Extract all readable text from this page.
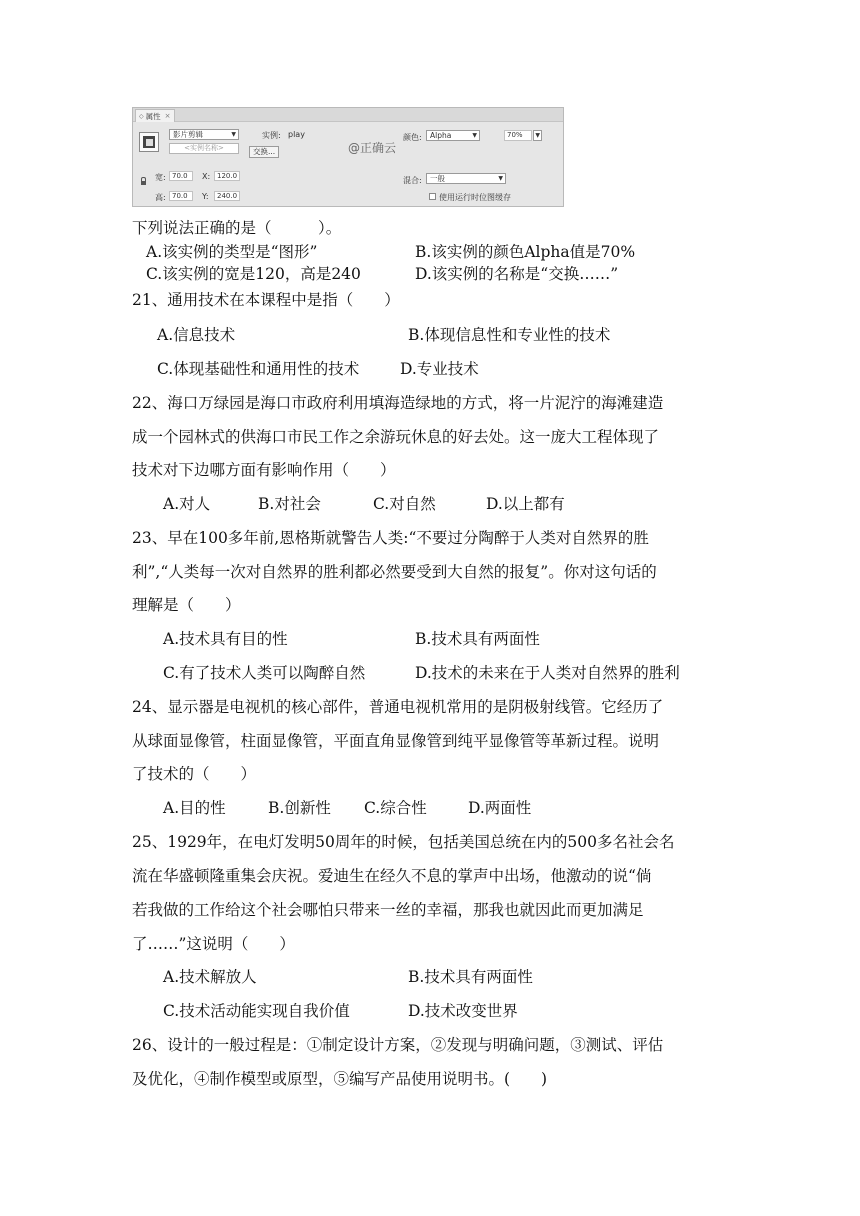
◇ 属性 ×
影片剪辑	▼
<实例名称>
实例: play
交换...	@正确云
颜色:	Alpha	▼	70%	▼
混合:	一般	▼
使用运行时位图缓存
宽: 70.0	X: 120.0
高: 70.0	Y:	240.0
下列说法正确的是（　　　）。
A.该实例的类型是“图形”	B.该实例的颜色Alpha值是70%
C.该实例的宽是120，高是240	D.该实例的名称是“交换……”
21、通用技术在本课程中是指（　　）
A.信息技术	B.体现信息性和专业性的技术
C.体现基础性和通用性的技术	D.专业技术
22、海口万绿园是海口市政府利用填海造绿地的方式，将一片泥泞的海滩建造
成一个园林式的供海口市民工作之余游玩休息的好去处。这一庞大工程体现了
技术对下边哪方面有影响作用（　　）
A.对人	B.对社会	C.对自然	D.以上都有
23、早在100多年前,恩格斯就警告人类:“不要过分陶醉于人类对自然界的胜
利”,“人类每一次对自然界的胜利都必然要受到大自然的报复”。你对这句话的
理解是（　　）
A.技术具有目的性	B.技术具有两面性
C.有了技术人类可以陶醉自然	D.技术的未来在于人类对自然界的胜利
24、显示器是电视机的核心部件，普通电视机常用的是阴极射线管。它经历了
从球面显像管，柱面显像管，平面直角显像管到纯平显像管等革新过程。说明
了技术的（　　）
A.目的性	B.创新性 C.综合性	D.两面性
25、1929年，在电灯发明50周年的时候，包括美国总统在内的500多名社会名
流在华盛顿隆重集会庆祝。爱迪生在经久不息的掌声中出场，他激动的说“倘
若我做的工作给这个社会哪怕只带来一丝的幸福，那我也就因此而更加满足
了……”这说明（　　）
A.技术解放人	B.技术具有两面性
C.技术活动能实现自我价值	D.技术改变世界
26、设计的一般过程是：①制定设计方案，②发现与明确问题，③测试、评估
及优化，④制作模型或原型，⑤编写产品使用说明书。(　　)
